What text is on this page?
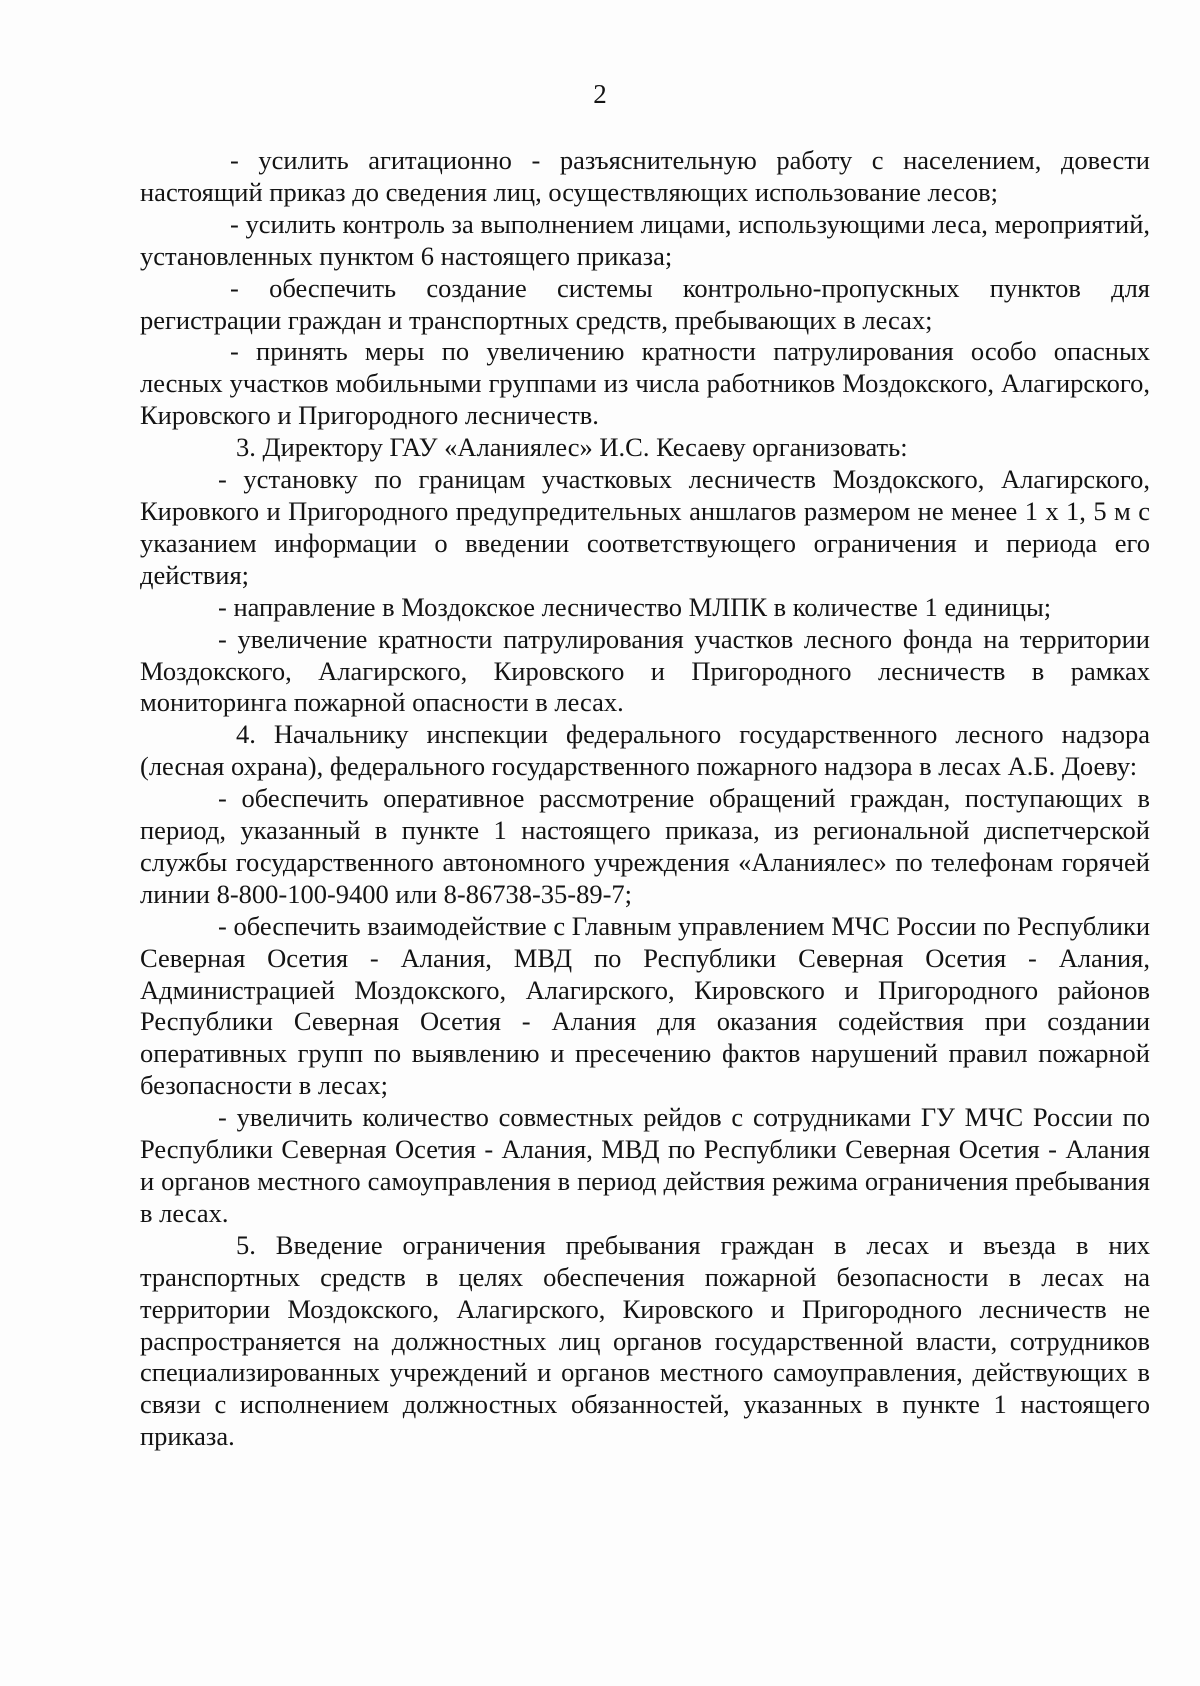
2

- усилить агитационно - разъяснительную работу с населением, довести настоящий приказ до сведения лиц, осуществляющих использование лесов;

- усилить контроль за выполнением лицами, использующими леса, мероприятий, установленных пунктом 6 настоящего приказа;

- обеспечить создание системы контрольно-пропускных пунктов для регистрации граждан и транспортных средств, пребывающих в лесах;

- принять меры по увеличению кратности патрулирования особо опасных лесных участков мобильными группами из числа работников Моздокского, Алагирского, Кировского и Пригородного лесничеств.

3. Директору ГАУ «Аланиялес» И.С. Кесаеву организовать:

- установку по границам участковых лесничеств Моздокского, Алагирского, Кировкого и Пригородного предупредительных аншлагов размером не менее 1 х 1, 5 м с указанием информации о введении соответствующего ограничения и периода его действия;

- направление в Моздокское лесничество МЛПК в количестве 1 единицы;

- увеличение кратности патрулирования участков лесного фонда на территории Моздокского, Алагирского, Кировского и Пригородного лесничеств в рамках мониторинга пожарной опасности в лесах.

4. Начальнику инспекции федерального государственного лесного надзора (лесная охрана), федерального государственного пожарного надзора в лесах А.Б. Доеву:

- обеспечить оперативное рассмотрение обращений граждан, поступающих в период, указанный в пункте 1 настоящего приказа, из региональной диспетчерской службы государственного автономного учреждения «Аланиялес» по телефонам горячей линии 8-800-100-9400 или 8-86738-35-89-7;

- обеспечить взаимодействие с Главным управлением МЧС России по Республики Северная Осетия - Алания, МВД по Республики Северная Осетия - Алания, Администрацией Моздокского, Алагирского, Кировского и Пригородного районов Республики Северная Осетия - Алания для оказания содействия при создании оперативных групп по выявлению и пресечению фактов нарушений правил пожарной безопасности в лесах;

- увеличить количество совместных рейдов с сотрудниками ГУ МЧС России по Республики Северная Осетия - Алания, МВД по Республики Северная Осетия - Алания и органов местного самоуправления в период действия режима ограничения пребывания в лесах.

5. Введение ограничения пребывания граждан в лесах и въезда в них транспортных средств в целях обеспечения пожарной безопасности в лесах на территории Моздокского, Алагирского, Кировского и Пригородного лесничеств не распространяется на должностных лиц органов государственной власти, сотрудников специализированных учреждений и органов местного самоуправления, действующих в связи с исполнением должностных обязанностей, указанных в пункте 1 настоящего приказа.
